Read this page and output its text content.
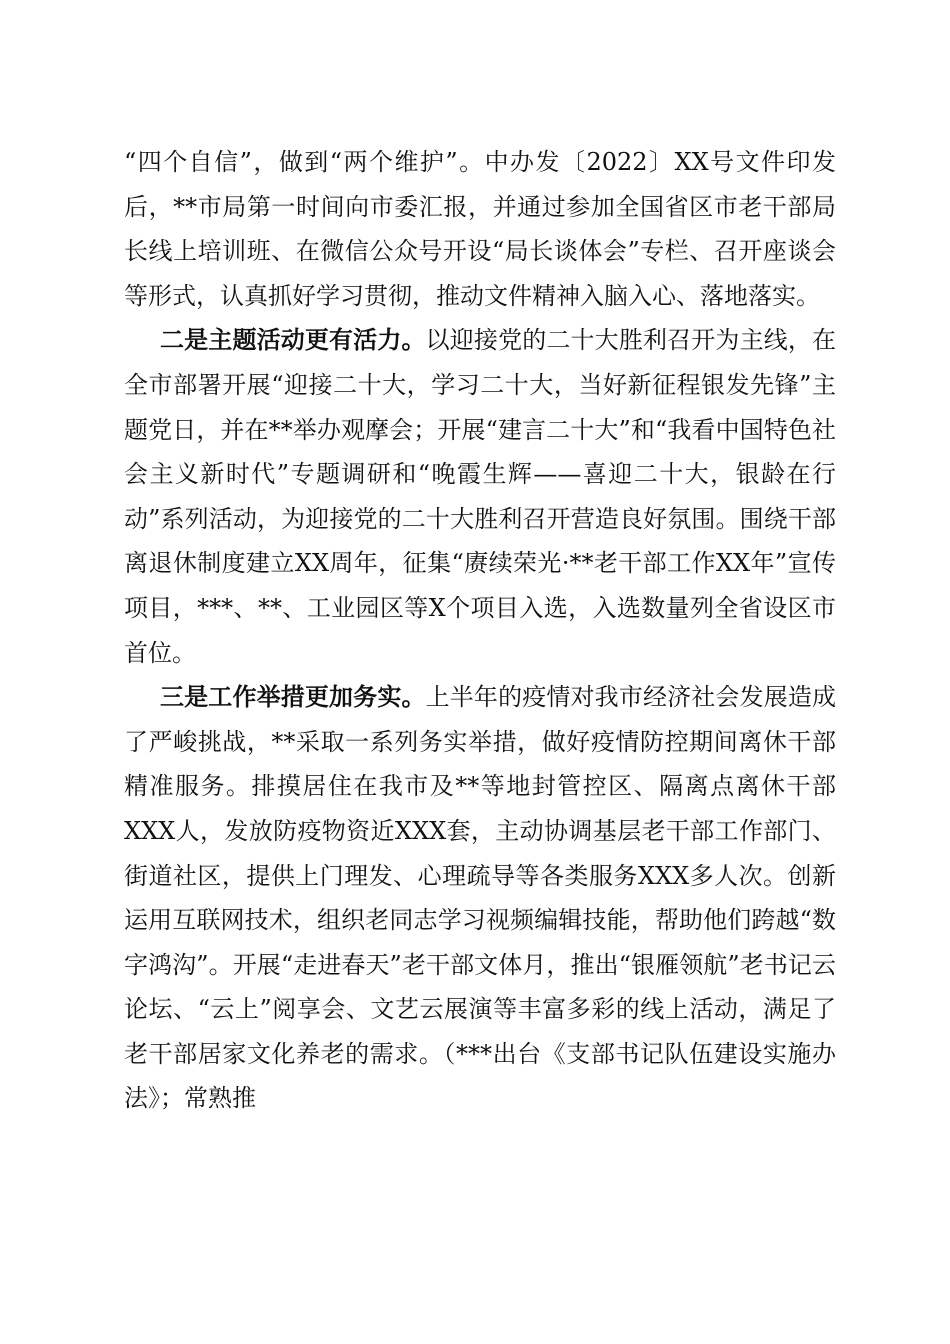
“四个自信”，做到“两个维护”。中办发〔2022〕XX号文件印发后，**市局第一时间向市委汇报，并通过参加全国省区市老干部局长线上培训班、在微信公众号开设“局长谈体会”专栏、召开座谈会等形式，认真抓好学习贯彻，推动文件精神入脑入心、落地落实。

二是主题活动更有活力。以迎接党的二十大胜利召开为主线，在全市部署开展“迎接二十大，学习二十大，当好新征程银发先锋”主题党日，并在**举办观摩会；开展“建言二十大”和“我看中国特色社会主义新时代”专题调研和“晚霞生辉——喜迎二十大，银龄在行动”系列活动，为迎接党的二十大胜利召开营造良好氛围。围绕干部离退休制度建立XX周年，征集“赓续荣光·**老干部工作XX年”宣传项目，***、**、工业园区等X个项目入选，入选数量列全省设区市首位。

三是工作举措更加务实。上半年的疫情对我市经济社会发展造成了严峻挑战，**采取一系列务实举措，做好疫情防控期间离休干部精准服务。排摸居住在我市及**等地封管控区、隔离点离休干部XXX人，发放防疫物资近XXX套，主动协调基层老干部工作部门、街道社区，提供上门理发、心理疏导等各类服务XXX多人次。创新运用互联网技术，组织老同志学习视频编辑技能，帮助他们跨越“数字鸿沟”。开展“走进春天”老干部文体月，推出“银雁领航”老书记云论坛、“云上”阅享会、文艺云展演等丰富多彩的线上活动，满足了老干部居家文化养老的需求。（***出台《支部书记队伍建设实施办法》；常熟推
